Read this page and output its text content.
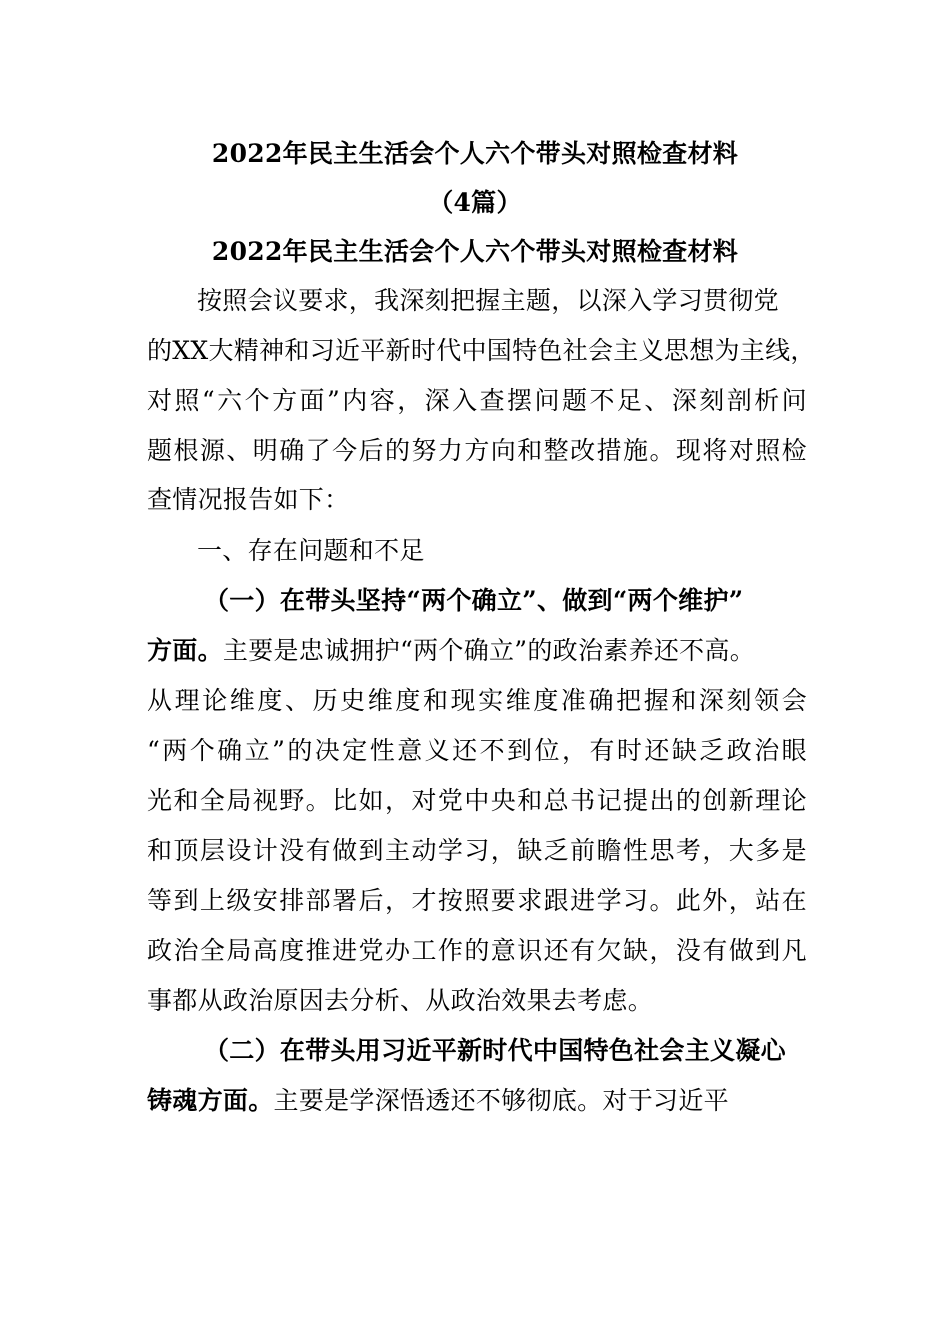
2022年民主生活会个人六个带头对照检查材料
（4篇）
2022年民主生活会个人六个带头对照检查材料
按照会议要求，我深刻把握主题，以深入学习贯彻党
的XX大精神和习近平新时代中国特色社会主义思想为主线，
对照“六个方面”内容，深入查摆问题不足、深刻剖析问
题根源、明确了今后的努力方向和整改措施。现将对照检
查情况报告如下：
一、存在问题和不足
（一）在带头坚持“两个确立”、做到“两个维护”
方面。主要是忠诚拥护“两个确立”的政治素养还不高。
从理论维度、历史维度和现实维度准确把握和深刻领会
“两个确立”的决定性意义还不到位，有时还缺乏政治眼
光和全局视野。比如，对党中央和总书记提出的创新理论
和顶层设计没有做到主动学习，缺乏前瞻性思考，大多是
等到上级安排部署后，才按照要求跟进学习。此外，站在
政治全局高度推进党办工作的意识还有欠缺，没有做到凡
事都从政治原因去分析、从政治效果去考虑。
（二）在带头用习近平新时代中国特色社会主义凝心
铸魂方面。主要是学深悟透还不够彻底。对于习近平
